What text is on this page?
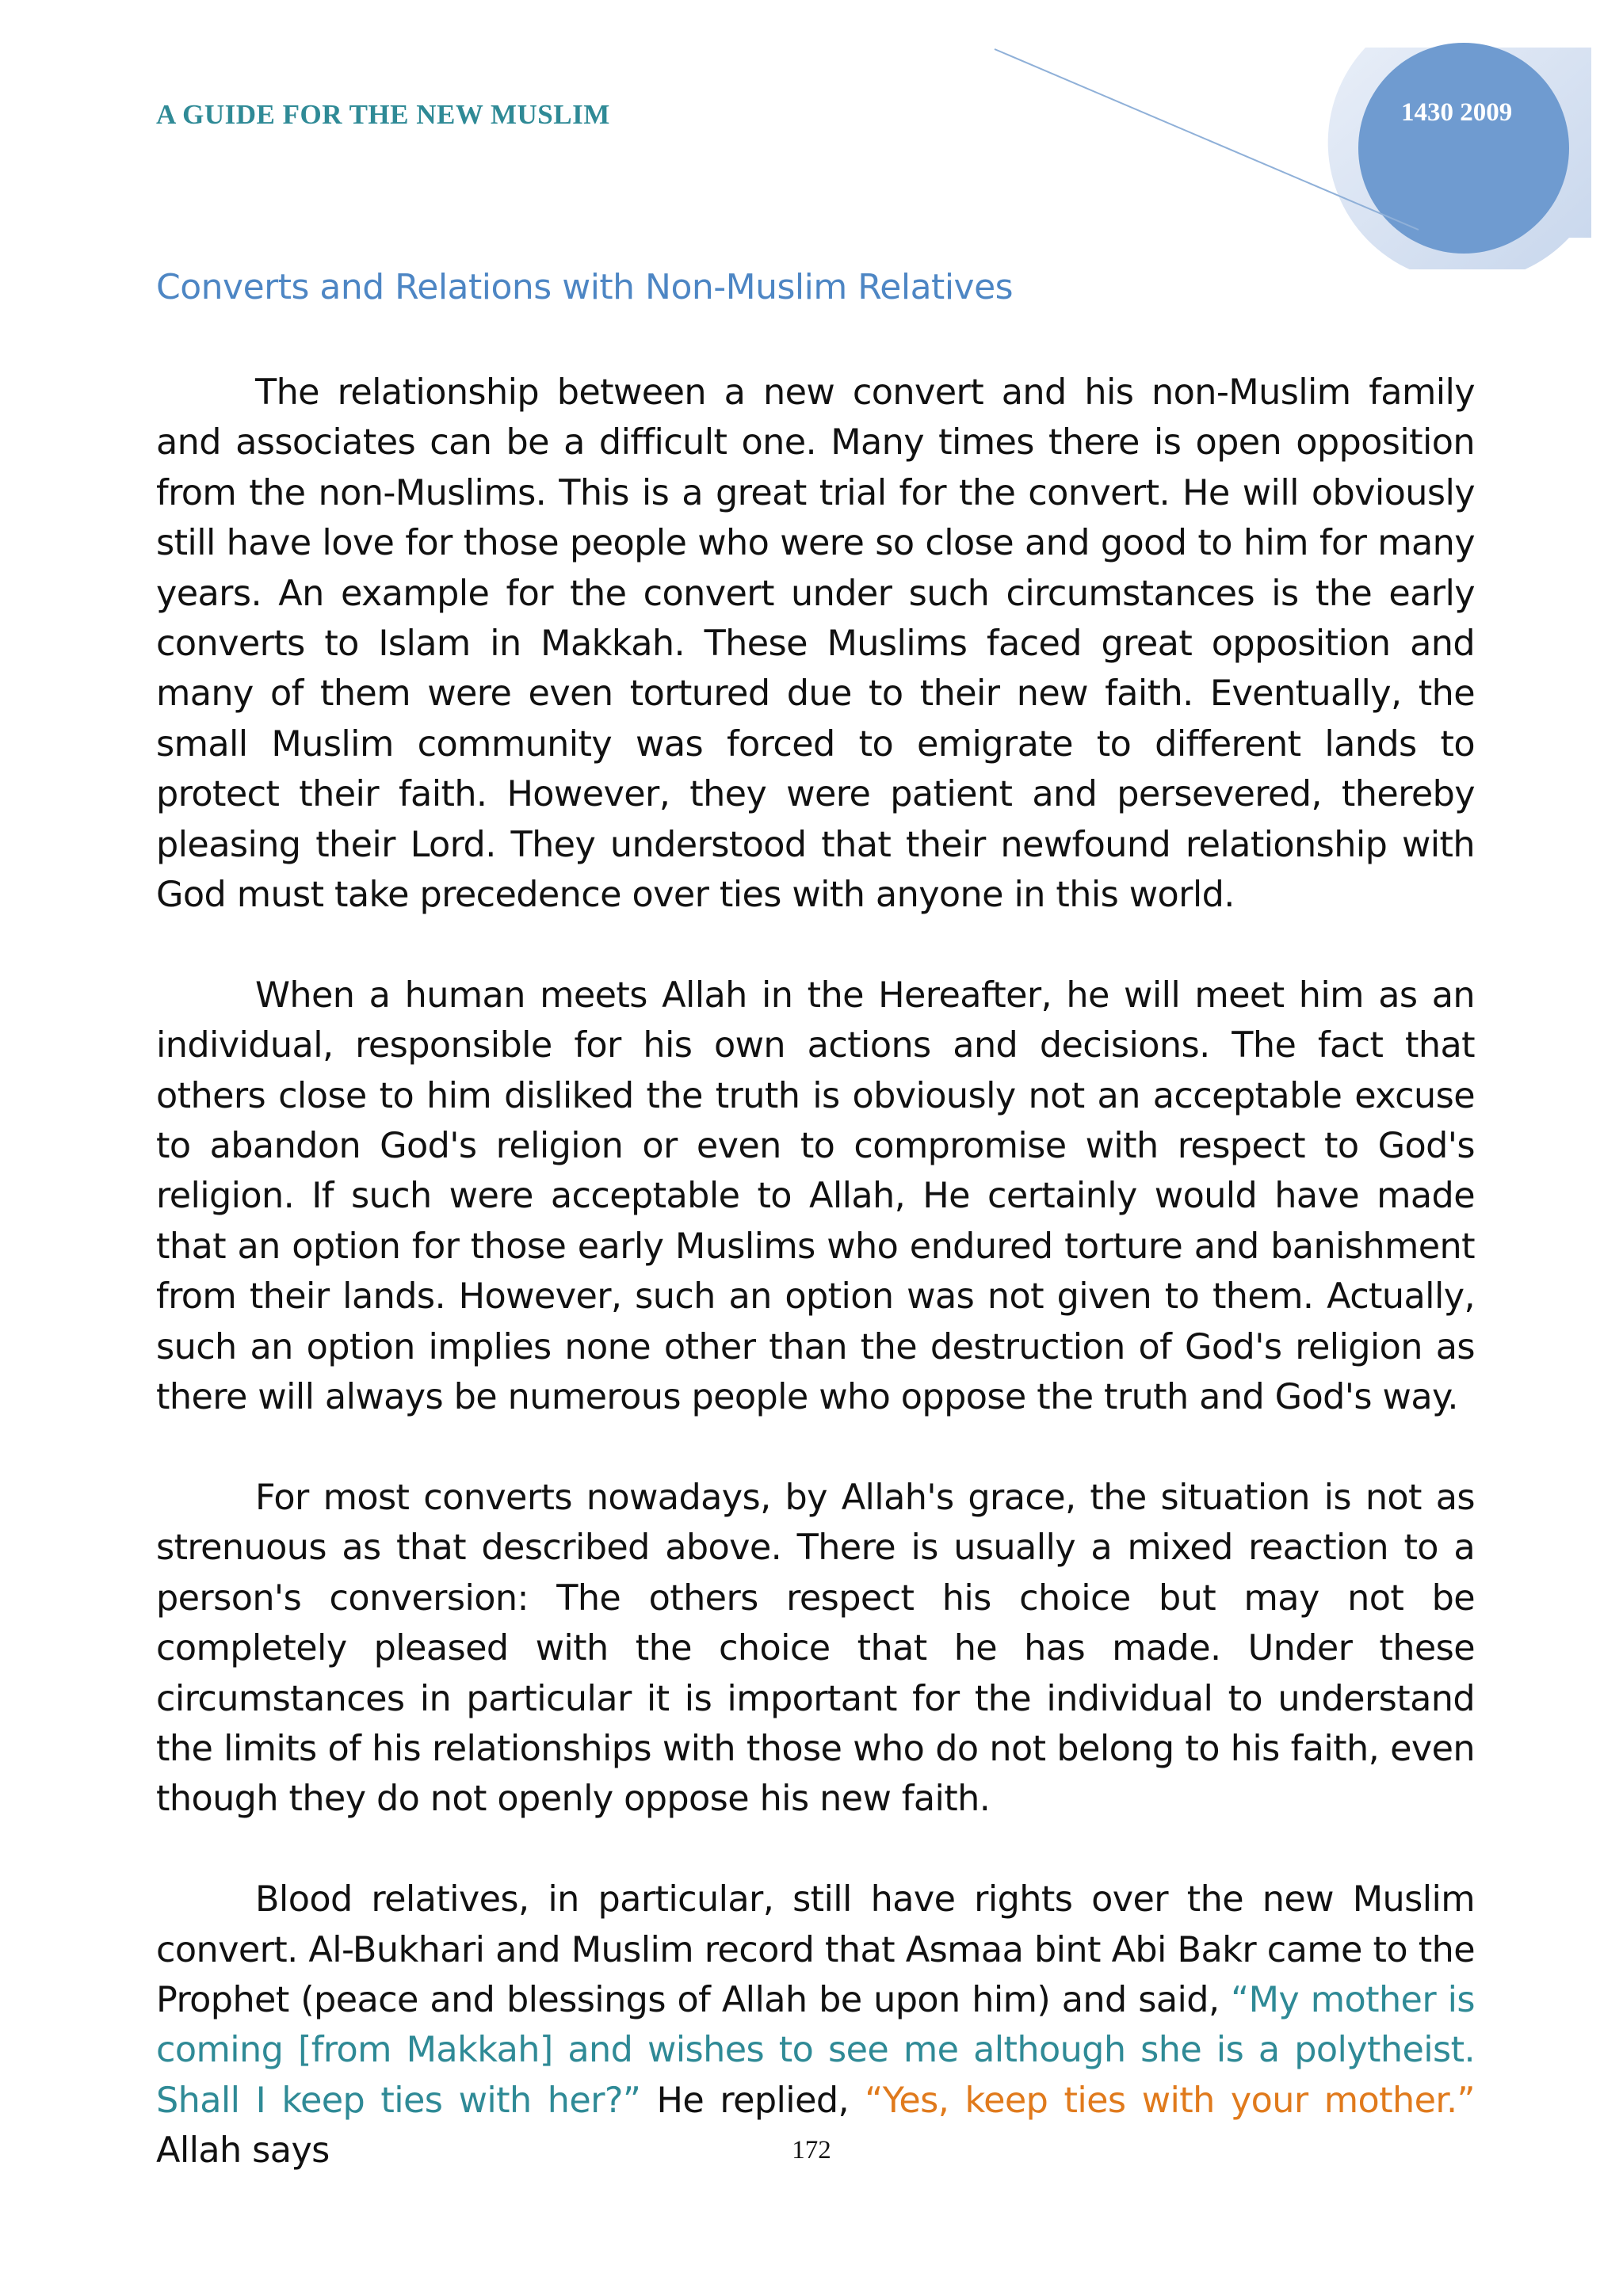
A GUIDE FOR THE NEW MUSLIM	1430 2009
Converts and Relations with Non-Muslim Relatives

The relationship between a new convert and his non-Muslim family and associates can be a difficult one. Many times there is open opposition from the non-Muslims. This is a great trial for the convert. He will obviously still have love for those people who were so close and good to him for many years. An example for the convert under such circumstances is the early converts to Islam in Makkah. These Muslims faced great opposition and many of them were even tortured due to their new faith. Eventually, the small Muslim community was forced to emigrate to different lands to protect their faith. However, they were patient and persevered, thereby pleasing their Lord. They understood that their newfound relationship with God must take precedence over ties with anyone in this world.

When a human meets Allah in the Hereafter, he will meet him as an individual, responsible for his own actions and decisions. The fact that others close to him disliked the truth is obviously not an acceptable excuse to abandon God's religion or even to compromise with respect to God's religion. If such were acceptable to Allah, He certainly would have made that an option for those early Muslims who endured torture and banishment from their lands. However, such an option was not given to them. Actually, such an option implies none other than the destruction of God's religion as there will always be numerous people who oppose the truth and God's way.

For most converts nowadays, by Allah's grace, the situation is not as strenuous as that described above. There is usually a mixed reaction to a person's conversion: The others respect his choice but may not be completely pleased with the choice that he has made. Under these circumstances in particular it is important for the individual to understand the limits of his relationships with those who do not belong to his faith, even though they do not openly oppose his new faith.

Blood relatives, in particular, still have rights over the new Muslim convert. Al-Bukhari and Muslim record that Asmaa bint Abi Bakr came to the Prophet (peace and blessings of Allah be upon him) and said, “My mother is coming [from Makkah] and wishes to see me although she is a polytheist. Shall I keep ties with her?” He replied, “Yes, keep ties with your mother.” Allah says	172
